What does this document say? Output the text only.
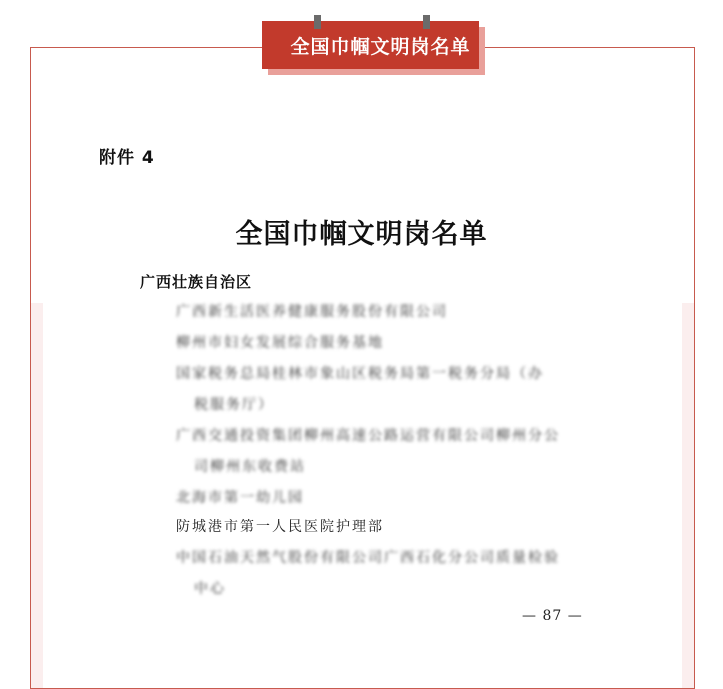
全国巾帼文明岗名单
附件 4
全国巾帼文明岗名单
广西壮族自治区
广西新生活医养健康服务股份有限公司
柳州市妇女发展综合服务基地
国家税务总局桂林市象山区税务局第一税务分局（办
税服务厅）
广西交通投资集团柳州高速公路运营有限公司柳州分公
司柳州东收费站
北海市第一幼儿园
防城港市第一人民医院护理部
中国石油天然气股份有限公司广西石化分公司质量检验
中心
— 87 —
